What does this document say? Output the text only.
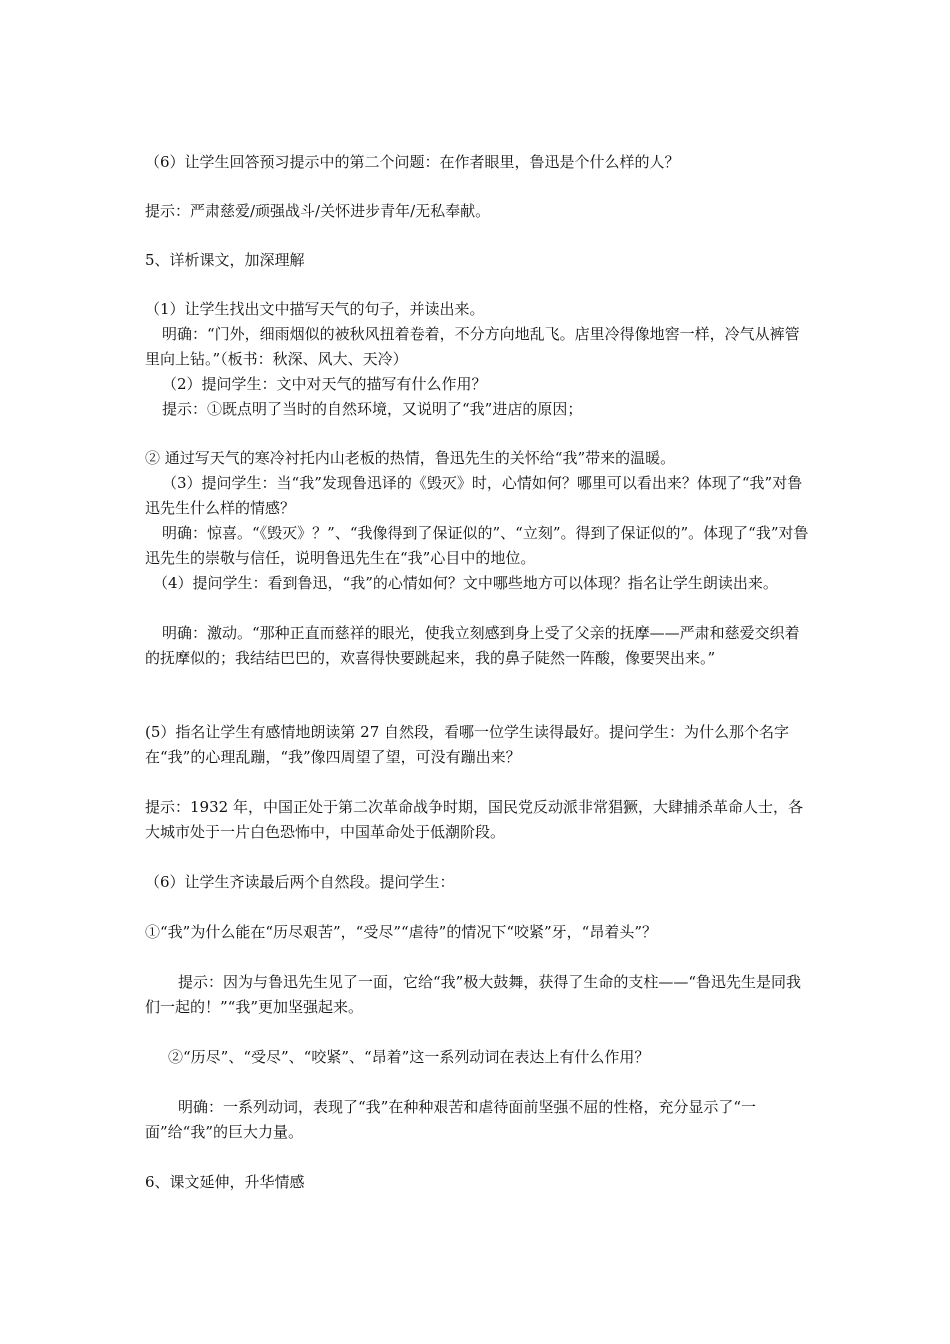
（6）让学生回答预习提示中的第二个问题：在作者眼里，鲁迅是个什么样的人？

提示：严肃慈爱/顽强战斗/关怀进步青年/无私奉献。

5、详析课文，加深理解

（1）让学生找出文中描写天气的句子，并读出来。

明确：“门外，细雨烟似的被秋风扭着卷着，不分方向地乱飞。店里冷得像地窖一样，冷气从裤管里向上钻。”（板书：秋深、风大、天冷）

（2）提问学生：文中对天气的描写有什么作用？

提示：①既点明了当时的自然环境，又说明了“我”进店的原因；

② 通过写天气的寒冷衬托内山老板的热情，鲁迅先生的关怀给“我”带来的温暖。

（3）提问学生：当“我”发现鲁迅译的《毁灭》时，心情如何？哪里可以看出来？体现了“我”对鲁迅先生什么样的情感？

明确：惊喜。“《毁灭》？”、“我像得到了保证似的”、“立刻”。得到了保证似的”。体现了“我”对鲁迅先生的崇敬与信任，说明鲁迅先生在“我”心目中的地位。

（4）提问学生：看到鲁迅，“我”的心情如何？文中哪些地方可以体现？指名让学生朗读出来。

明确：激动。“那种正直而慈祥的眼光，使我立刻感到身上受了父亲的抚摩——严肃和慈爱交织着的抚摩似的；我结结巴巴的，欢喜得快要跳起来，我的鼻子陡然一阵酸，像要哭出来。”

(5）指名让学生有感情地朗读第 27 自然段，看哪一位学生读得最好。提问学生：为什么那个名字在“我”的心理乱蹦，“我”像四周望了望，可没有蹦出来？

提示：1932 年，中国正处于第二次革命战争时期，国民党反动派非常猖獗，大肆捕杀革命人士，各大城市处于一片白色恐怖中，中国革命处于低潮阶段。

（6）让学生齐读最后两个自然段。提问学生：

①“我”为什么能在“历尽艰苦”，“受尽”“虐待”的情况下“咬紧”牙，“昂着头”？

提示：因为与鲁迅先生见了一面，它给“我”极大鼓舞，获得了生命的支柱——“鲁迅先生是同我们一起的！”“我”更加坚强起来。

②“历尽”、“受尽”、“咬紧”、“昂着”这一系列动词在表达上有什么作用？

明确：一系列动词，表现了“我”在种种艰苦和虐待面前坚强不屈的性格，充分显示了“一面”给“我”的巨大力量。

6、课文延伸，升华情感
